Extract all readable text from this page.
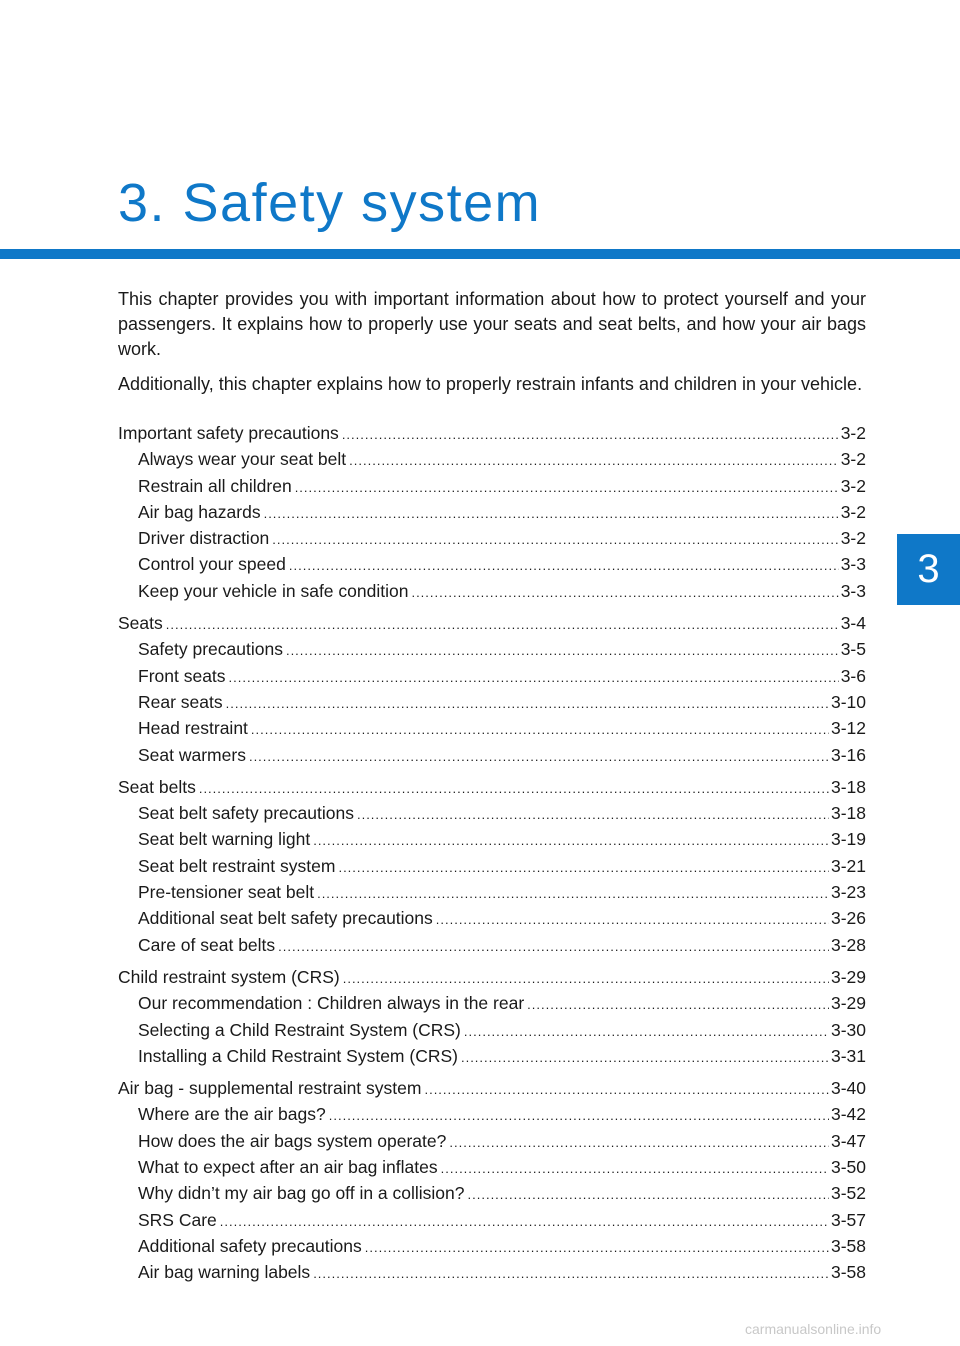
3. Safety system
3

This chapter provides you with important information about how to protect yourself and your passengers. It explains how to properly use your seats and seat belts, and how your air bags work.

Additionally, this chapter explains how to properly restrain infants and children in your vehicle.

Important safety precautions .....	3-2
Always wear your seat belt .....	3-2
Restrain all children .....	3-2
Air bag hazards .....	3-2
Driver distraction .....	3-2
Control your speed .....	3-3
Keep your vehicle in safe condition .....	3-3
Seats .....	3-4
Safety precautions .....	3-5
Front seats .....	3-6
Rear seats .....	3-10
Head restraint .....	3-12
Seat warmers .....	3-16
Seat belts .....	3-18
Seat belt safety precautions .....	3-18
Seat belt warning light .....	3-19
Seat belt restraint system .....	3-21
Pre-tensioner seat belt .....	3-23
Additional seat belt safety precautions .....	3-26
Care of seat belts .....	3-28
Child restraint system (CRS) .....	3-29
Our recommendation : Children always in the rear .....	3-29
Selecting a Child Restraint System (CRS) .....	3-30
Installing a Child Restraint System (CRS) .....	3-31
Air bag - supplemental restraint system .....	3-40
Where are the air bags? .....	3-42
How does the air bags system operate? .....	3-47
What to expect after an air bag inflates .....	3-50
Why didn’t my air bag go off in a collision? .....	3-52
SRS Care .....	3-57
Additional safety precautions .....	3-58
Air bag warning labels .....	3-58
carmanualsonline.info
